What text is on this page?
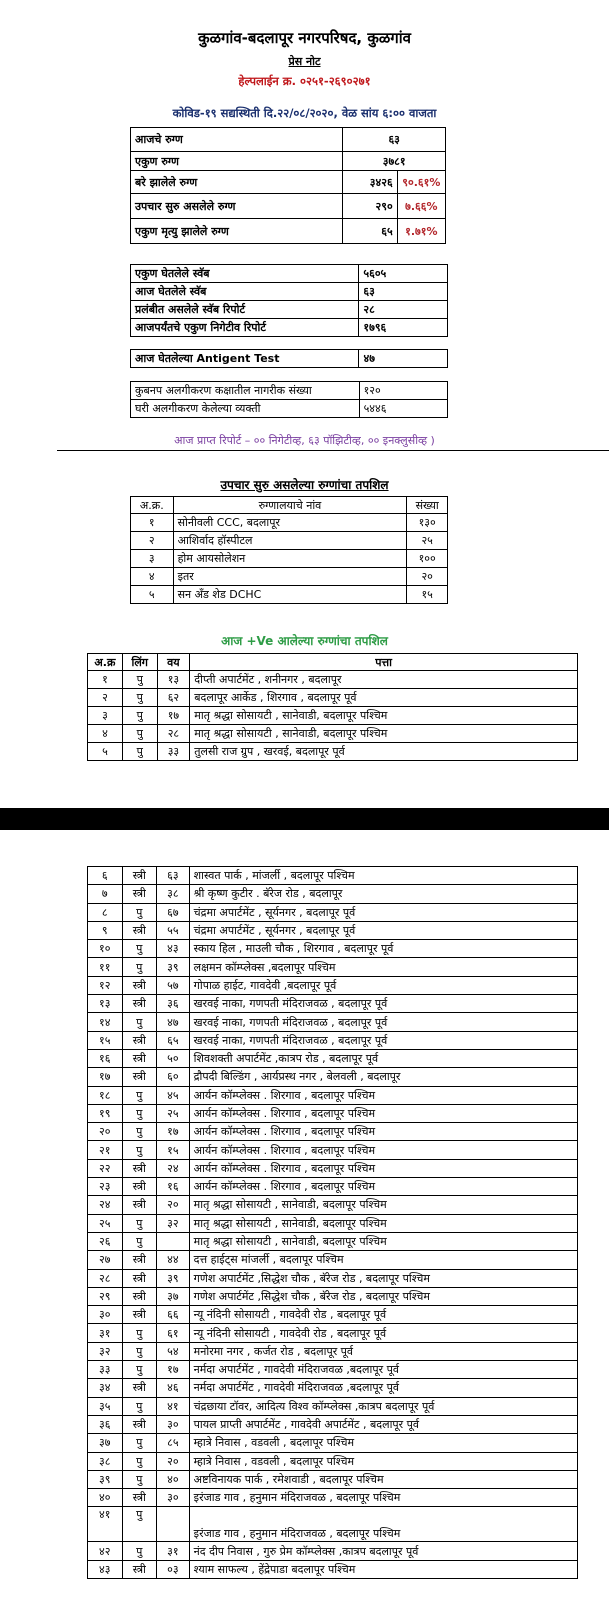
कुळगांव-बदलापूर नगरपरिषद, कुळगांव
प्रेस नोट
हेल्पलाईन क्र. ०२५१-२६९०२७१
कोविड-१९ सद्यस्थिती दि.२२/०८/२०२०, वेळ सांय ६:०० वाजता
आजचे रुग्ण	६३	
एकुण रुग्ण	३७८१	
बरे झालेले रुग्ण	३४२६	९०.६१%
उपचार सुरु असलेले रुग्ण	२९०	७.६६%
एकुण मृत्यु झालेले रुग्ण	६५	१.७१%
एकुण घेतलेले स्वॅब	५६०५
आज घेतलेले स्वॅब	६३
प्रलंबीत असलेले स्वॅब रिपोर्ट	२८
आजपर्यंतचे एकुण निगेटीव रिपोर्ट	१७९६
आज घेतलेल्या Antigent Test	४७
कुबनप अलगीकरण कक्षातील नागरीक संख्या	१२०
घरी अलगीकरण केलेल्या व्यक्ती	५४४६
आज प्राप्त रिपोर्ट – ०० निगेटीव्ह, ६३ पॉझिटीव्ह, ०० इनक्लुसीव्ह )
उपचार सुरु असलेल्या रुग्णांचा तपशिल
अ.क्र.	रुग्णालयाचे नांव	संख्या
१	सोनीवली CCC, बदलापूर	१३०
२	आशिर्वाद हॉस्पीटल	२५
३	होम आयसोलेशन	१००
४	इतर	२०
५	सन अँड शेड DCHC	१५
आज +Ve आलेल्या रुग्णांचा तपशिल
अ.क्र	लिंग	वय	पत्ता
१	पु	१३	दीप्ती अपार्टमेंट , शनीनगर , बदलापूर
२	पु	६२	बदलापूर आर्केड , शिरगाव , बदलापूर पूर्व
३	पु	१७	मातृ श्रद्धा सोसायटी , सानेवाडी, बदलापूर पश्चिम
४	पु	२८	मातृ श्रद्धा सोसायटी , सानेवाडी, बदलापूर पश्चिम
५	पु	३३	तुलसी राज ग्रुप , खरवई, बदलापूर पूर्व
६	स्त्री	६३	शास्वत पार्क , मांजर्ली , बदलापूर पश्चिम
७	स्त्री	३८	श्री कृष्ण कुटीर . बॅरेज रोड , बदलापूर
८	पु	६७	चंद्रमा अपार्टमेंट , सूर्यनगर , बदलापूर पूर्व
९	स्त्री	५५	चंद्रमा अपार्टमेंट , सूर्यनगर , बदलापूर पूर्व
१०	पु	४३	स्काय हिल , माउली चौक , शिरगाव , बदलापूर पूर्व
११	पु	३९	लक्षमन कॉम्प्लेक्स ,बदलापूर पश्चिम
१२	स्त्री	५७	गोपाळ हाईट, गावदेवी ,बदलापूर पूर्व
१३	स्त्री	३६	खरवई नाका, गणपती मंदिराजवळ , बदलापूर पूर्व
१४	पु	४७	खरवई नाका, गणपती मंदिराजवळ , बदलापूर पूर्व
१५	स्त्री	६५	खरवई नाका, गणपती मंदिराजवळ , बदलापूर पूर्व
१६	स्त्री	५०	शिवशक्ती अपार्टमेंट ,कात्रप रोड , बदलापूर पूर्व
१७	स्त्री	६०	द्रौपदी बिल्डिंग , आर्यप्रस्थ नगर , बेलवली , बदलापूर
१८	पु	४५	आर्यन कॉम्प्लेक्स . शिरगाव , बदलापूर पश्चिम
१९	पु	२५	आर्यन कॉम्प्लेक्स . शिरगाव , बदलापूर पश्चिम
२०	पु	१७	आर्यन कॉम्प्लेक्स . शिरगाव , बदलापूर पश्चिम
२१	पु	१५	आर्यन कॉम्प्लेक्स . शिरगाव , बदलापूर पश्चिम
२२	स्त्री	२४	आर्यन कॉम्प्लेक्स . शिरगाव , बदलापूर पश्चिम
२३	स्त्री	१६	आर्यन कॉम्प्लेक्स . शिरगाव , बदलापूर पश्चिम
२४	स्त्री	२०	मातृ श्रद्धा सोसायटी , सानेवाडी, बदलापूर पश्चिम
२५	पु	३२	मातृ श्रद्धा सोसायटी , सानेवाडी, बदलापूर पश्चिम
२६	पु		मातृ श्रद्धा सोसायटी , सानेवाडी, बदलापूर पश्चिम
२७	स्त्री	४४	दत्त हाईट्स मांजर्ली , बदलापूर पश्चिम
२८	स्त्री	३९	गणेश अपार्टमेंट ,सिद्धेश चौक , बॅरेज रोड , बदलापूर पश्चिम
२९	स्त्री	३७	गणेश अपार्टमेंट ,सिद्धेश चौक , बॅरेज रोड , बदलापूर पश्चिम
३०	स्त्री	६६	न्यू नंदिनी सोसायटी , गावदेवी रोड , बदलापूर पूर्व
३१	पु	६१	न्यू नंदिनी सोसायटी , गावदेवी रोड , बदलापूर पूर्व
३२	पु	५४	मनोरमा नगर , कर्जत रोड , बदलापूर पूर्व
३३	पु	१७	नर्मदा अपार्टमेंट , गावदेवी मंदिराजवळ ,बदलापूर पूर्व
३४	स्त्री	४६	नर्मदा अपार्टमेंट , गावदेवी मंदिराजवळ ,बदलापूर पूर्व
३५	पु	४१	चंद्रछाया टॉवर, आदित्य विश्व कॉम्प्लेक्स ,कात्रप बदलापूर पूर्व
३६	स्त्री	३०	पायल प्राप्ती अपार्टमेंट , गावदेवी अपार्टमेंट , बदलापूर पूर्व
३७	पु	८५	म्हात्रे निवास , वडवली , बदलापूर पश्चिम
३८	पु	२०	म्हात्रे निवास , वडवली , बदलापूर पश्चिम
३९	पु	४०	अष्टविनायक पार्क , रमेशवाडी , बदलापूर पश्चिम
४०	स्त्री	३०	इरंजाड गाव , हनुमान मंदिराजवळ , बदलापूर पश्चिम
४१	पु		इरंजाड गाव , हनुमान मंदिराजवळ , बदलापूर पश्चिम
४२	पु	३१	नंद दीप निवास , गुरु प्रेम कॉम्प्लेक्स ,कात्रप बदलापूर पूर्व
४३	स्त्री	०३	श्याम साफल्य , हेंद्रेपाडा बदलापूर पश्चिम
